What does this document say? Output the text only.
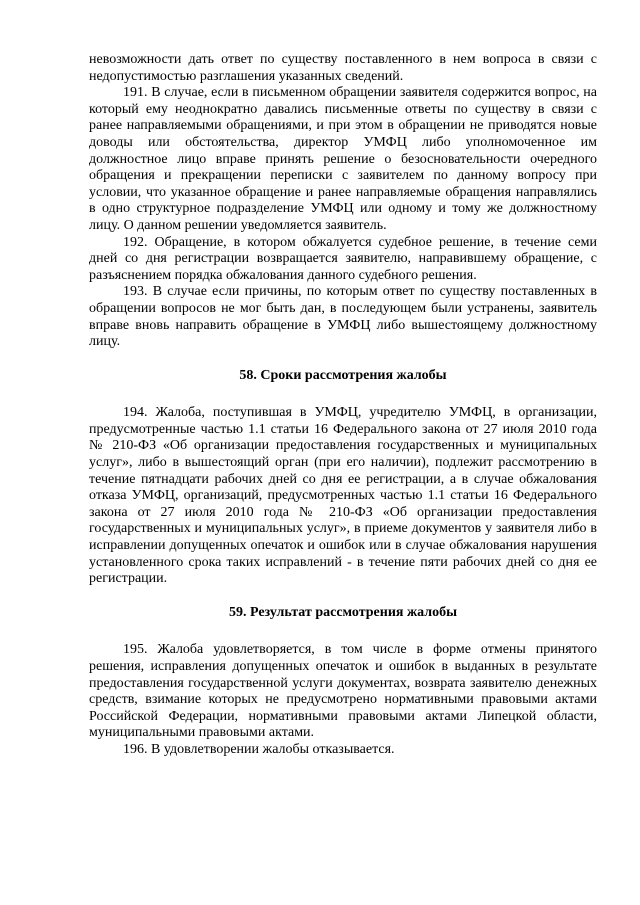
невозможности дать ответ по существу поставленного в нем вопроса в связи с недопустимостью разглашения указанных сведений.

191. В случае, если в письменном обращении заявителя содержится вопрос, на который ему неоднократно давались письменные ответы по существу в связи с ранее направляемыми обращениями, и при этом в обращении не приводятся новые доводы или обстоятельства, директор УМФЦ либо уполномоченное им должностное лицо вправе принять решение о безосновательности очередного обращения и прекращении переписки с заявителем по данному вопросу при условии, что указанное обращение и ранее направляемые обращения направлялись в одно структурное подразделение УМФЦ или одному и тому же должностному лицу. О данном решении уведомляется заявитель.

192. Обращение, в котором обжалуется судебное решение, в течение семи дней со дня регистрации возвращается заявителю, направившему обращение, с разъяснением порядка обжалования данного судебного решения.

193. В случае если причины, по которым ответ по существу поставленных в обращении вопросов не мог быть дан, в последующем были устранены, заявитель вправе вновь направить обращение в УМФЦ либо вышестоящему должностному лицу.

58. Сроки рассмотрения жалобы

194. Жалоба, поступившая в УМФЦ, учредителю УМФЦ, в организации, предусмотренные частью 1.1 статьи 16 Федерального закона от 27 июля 2010 года № 210-ФЗ «Об организации предоставления государственных и муниципальных услуг», либо в вышестоящий орган (при его наличии), подлежит рассмотрению в течение пятнадцати рабочих дней со дня ее регистрации, а в случае обжалования отказа УМФЦ, организаций, предусмотренных частью 1.1 статьи 16 Федерального закона от 27 июля 2010 года № 210-ФЗ «Об организации предоставления государственных и муниципальных услуг», в приеме документов у заявителя либо в исправлении допущенных опечаток и ошибок или в случае обжалования нарушения установленного срока таких исправлений - в течение пяти рабочих дней со дня ее регистрации.

59. Результат рассмотрения жалобы

195. Жалоба удовлетворяется, в том числе в форме отмены принятого решения, исправления допущенных опечаток и ошибок в выданных в результате предоставления государственной услуги документах, возврата заявителю денежных средств, взимание которых не предусмотрено нормативными правовыми актами Российской Федерации, нормативными правовыми актами Липецкой области, муниципальными правовыми актами.

196. В удовлетворении жалобы отказывается.
